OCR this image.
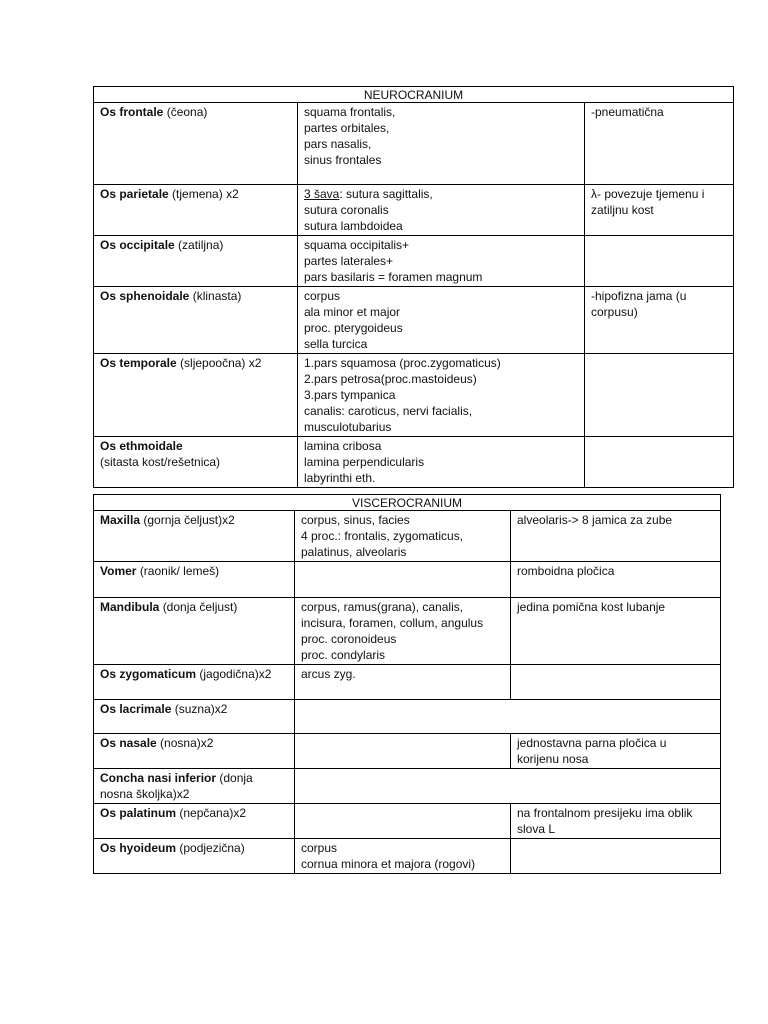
NEUROCRANIUM		
Os frontale (čeona)	squama frontalis,
partes orbitales,
pars nasalis,
sinus frontales	-pneumatična

Os parietale (tjemena) x2	3 šava: sutura sagittalis,
sutura coronalis
sutura lambdoidea	λ- povezuje tjemenu i
zatiljnu kost

Os occipitale (zatiljna)	squama occipitalis+
partes laterales+
pars basilaris = foramen magnum	

Os sphenoidale (klinasta)	corpus
ala minor et major
proc. pterygoideus
sella turcica	-hipofizna jama (u
corpusu)

Os temporale (sljepoočna) x2	1.pars squamosa (proc.zygomaticus)
2.pars petrosa(proc.mastoideus)
3.pars tympanica
canalis: caroticus, nervi facialis,
musculotubarius	

Os ethmoidale
(sitasta kost/rešetnica)	lamina cribosa
lamina perpendicularis
labyrinthi eth.	

VISCEROCRANIUM		
Maxilla (gornja čeljust)x2	corpus, sinus, facies
4 proc.: frontalis, zygomaticus,
palatinus, alveolaris	alveolaris-> 8 jamica za zube

Vomer (raonik/ lemeš)		romboidna pločica

Mandibula (donja čeljust)	corpus, ramus(grana), canalis,
incisura, foramen, collum, angulus
proc. coronoideus
proc. condylaris	jedina pomična kost lubanje

Os zygomaticum (jagodična)x2	arcus zyg.	

Os lacrimale (suzna)x2		
Os nasale (nosna)x2		jednostavna parna pločica u
korijenu nosa

Concha nasi inferior (donja
nosna školjka)x2		

Os palatinum (nepčana)x2		na frontalnom presijeku ima oblik
slova L

Os hyoideum (podjezična)	corpus
cornua minora et majora (rogovi)	
